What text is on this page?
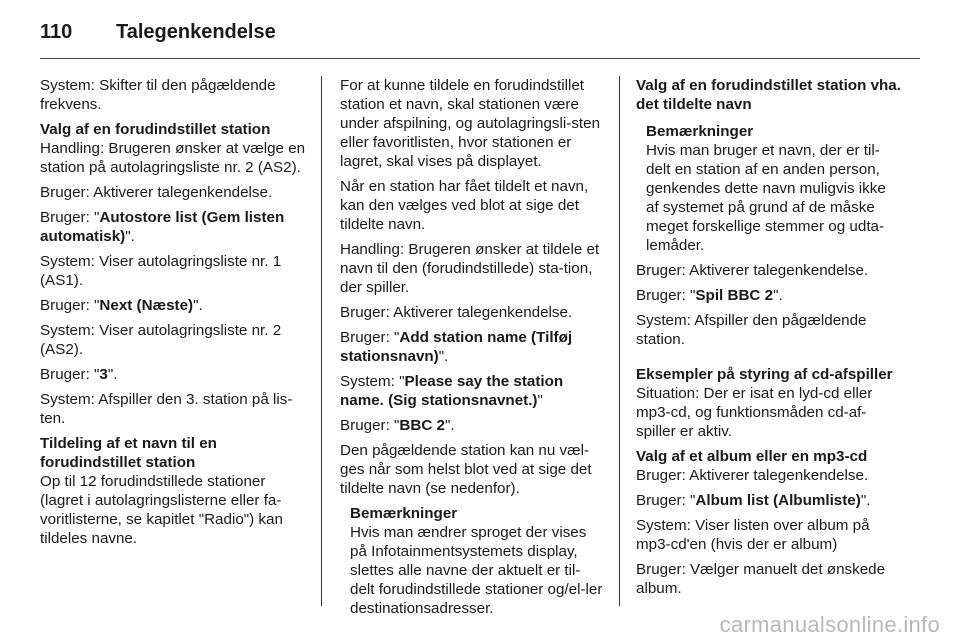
110 Talegenkendelse

System: Skifter til den pågældende frekvens.

Valg af en forudindstillet station

Handling: Brugeren ønsker at vælge en station på autolagringsliste nr. 2 (AS2).

Bruger: Aktiverer talegenkendelse.

Bruger: "Autostore list (Gem listen automatisk)".

System: Viser autolagringsliste nr. 1 (AS1).

Bruger: "Next (Næste)".

System: Viser autolagringsliste nr. 2 (AS2).

Bruger: "3".

System: Afspiller den 3. station på lis-ten.

Tildeling af et navn til en forudindstillet station

Op til 12 forudindstillede stationer (lagret i autolagringslisterne eller fa-voritlisterne, se kapitlet "Radio") kan tildeles navne.

For at kunne tildele en forudindstillet station et navn, skal stationen være under afspilning, og autolagringsli-sten eller favoritlisten, hvor stationen er lagret, skal vises på displayet.

Når en station har fået tildelt et navn, kan den vælges ved blot at sige det tildelte navn.

Handling: Brugeren ønsker at tildele et navn til den (forudindstillede) sta-tion, der spiller.

Bruger: Aktiverer talegenkendelse.

Bruger: "Add station name (Tilføj stationsnavn)".

System: "Please say the station name. (Sig stationsnavnet.)"

Bruger: "BBC 2".

Den pågældende station kan nu væl-ges når som helst blot ved at sige det tildelte navn (se nedenfor).

Bemærkninger

Hvis man ændrer sproget der vises på Infotainmentsystemets display, slettes alle navne der aktuelt er til-delt forudindstillede stationer og/el-ler destinationsadresser.

Valg af en forudindstillet station vha. det tildelte navn
Bemærkninger

Hvis man bruger et navn, der er til-delt en station af en anden person, genkendes dette navn muligvis ikke af systemet på grund af de måske meget forskellige stemmer og udta-lemåder.

Bruger: Aktiverer talegenkendelse.

Bruger: "Spil BBC 2".

System: Afspiller den pågældende station.

Eksempler på styring af cd-afspiller

Situation: Der er isat en lyd-cd eller mp3-cd, og funktionsmåden cd-af-spiller er aktiv.

Valg af et album eller en mp3-cd

Bruger: Aktiverer talegenkendelse.

Bruger: "Album list (Albumliste)".

System: Viser listen over album på mp3-cd'en (hvis der er album)

Bruger: Vælger manuelt det ønskede album.

carmanualsonline.info
